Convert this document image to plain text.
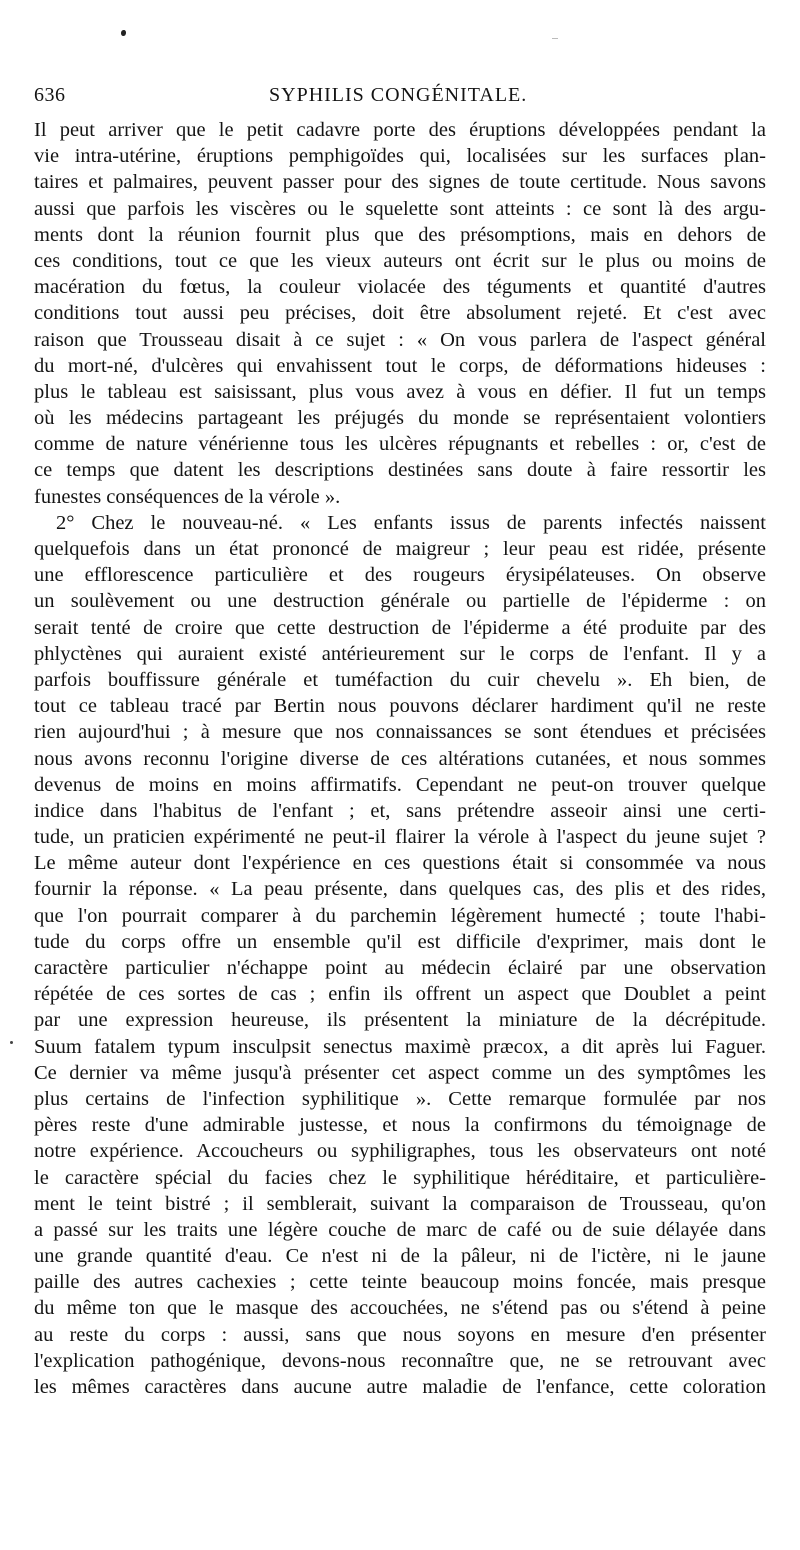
636	SYPHILIS CONGÉNITALE.
Il peut arriver que le petit cadavre porte des éruptions développées pendant la
vie intra-utérine, éruptions pemphigoïdes qui, localisées sur les surfaces plan-
taires et palmaires, peuvent passer pour des signes de toute certitude. Nous savons
aussi que parfois les viscères ou le squelette sont atteints : ce sont là des argu-
ments dont la réunion fournit plus que des présomptions, mais en dehors de
ces conditions, tout ce que les vieux auteurs ont écrit sur le plus ou moins de
macération du fœtus, la couleur violacée des téguments et quantité d'autres
conditions tout aussi peu précises, doit être absolument rejeté. Et c'est avec
raison que Trousseau disait à ce sujet : « On vous parlera de l'aspect général
du mort-né, d'ulcères qui envahissent tout le corps, de déformations hideuses :
plus le tableau est saisissant, plus vous avez à vous en défier. Il fut un temps
où les médecins partageant les préjugés du monde se représentaient volontiers
comme de nature vénérienne tous les ulcères répugnants et rebelles : or, c'est de
ce temps que datent les descriptions destinées sans doute à faire ressortir les
funestes conséquences de la vérole ».
2° Chez le nouveau-né. « Les enfants issus de parents infectés naissent
quelquefois dans un état prononcé de maigreur ; leur peau est ridée, présente
une efflorescence particulière et des rougeurs érysipélateuses. On observe
un soulèvement ou une destruction générale ou partielle de l'épiderme : on
serait tenté de croire que cette destruction de l'épiderme a été produite par des
phlyctènes qui auraient existé antérieurement sur le corps de l'enfant. Il y a
parfois bouffissure générale et tuméfaction du cuir chevelu ». Eh bien, de
tout ce tableau tracé par Bertin nous pouvons déclarer hardiment qu'il ne reste
rien aujourd'hui ; à mesure que nos connaissances se sont étendues et précisées
nous avons reconnu l'origine diverse de ces altérations cutanées, et nous sommes
devenus de moins en moins affirmatifs. Cependant ne peut-on trouver quelque
indice dans l'habitus de l'enfant ; et, sans prétendre asseoir ainsi une certi-
tude, un praticien expérimenté ne peut-il flairer la vérole à l'aspect du jeune sujet ?
Le même auteur dont l'expérience en ces questions était si consommée va nous
fournir la réponse. « La peau présente, dans quelques cas, des plis et des rides,
que l'on pourrait comparer à du parchemin légèrement humecté ; toute l'habi-
tude du corps offre un ensemble qu'il est difficile d'exprimer, mais dont le
caractère particulier n'échappe point au médecin éclairé par une observation
répétée de ces sortes de cas ; enfin ils offrent un aspect que Doublet a peint
par une expression heureuse, ils présentent la miniature de la décrépitude.
Suum fatalem typum insculpsit senectus maximè præcox, a dit après lui Faguer.
Ce dernier va même jusqu'à présenter cet aspect comme un des symptômes les
plus certains de l'infection syphilitique ». Cette remarque formulée par nos
pères reste d'une admirable justesse, et nous la confirmons du témoignage de
notre expérience. Accoucheurs ou syphiligraphes, tous les observateurs ont noté
le caractère spécial du facies chez le syphilitique héréditaire, et particulière-
ment le teint bistré ; il semblerait, suivant la comparaison de Trousseau, qu'on
a passé sur les traits une légère couche de marc de café ou de suie délayée dans
une grande quantité d'eau. Ce n'est ni de la pâleur, ni de l'ictère, ni le jaune
paille des autres cachexies ; cette teinte beaucoup moins foncée, mais presque
du même ton que le masque des accouchées, ne s'étend pas ou s'étend à peine
au reste du corps : aussi, sans que nous soyons en mesure d'en présenter
l'explication pathogénique, devons-nous reconnaître que, ne se retrouvant avec
les mêmes caractères dans aucune autre maladie de l'enfance, cette coloration
